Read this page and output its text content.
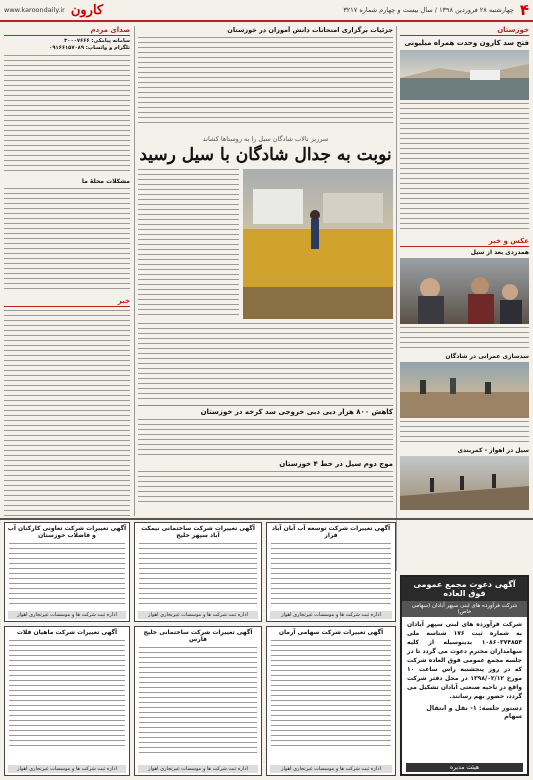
۴
چهارشنبه ۲۸ فروردین ۱۳۹۸ / سال بیست و چهارم شماره ۳۲۱۷
کارون
www.karoondaily.ir
خوزستان
فتح سد کارون وحدت همراه میلیونی
عکس و خبر
همدردی بعد از سیل
سدسازی عمرانی در شادگان
سیل در اهواز - کمربندی
جزئیات برگزاری امتحانات دانش آموزان در خوزستان
سرریز تالاب شادگان سیل را به روستاها کشاند
نوبت به جدال شادگان با سیل رسید
کاهش ۸۰۰ هزار دبی دبی خروجی سد کرخه در خوزستان
موج دوم سیل در خط ۴ خوزستان
صدای مردم
سامانه پیامکی: ۳۰۰۰۷۶۶۶
تلگرام و واتساپ: ۰۹۱۶۶۱۵۷۰۸۹
مشکلات محلهٔ ما
خبر
آگهی تغییرات شرکت تعاونی کارکنان آب و فاضلاب خوزستان
اداره ثبت شرکت ها و موسسات غیرتجاری اهواز
آگهی تغییرات شرکت ساختمانی نیمکت آباد سپهر خلیج
اداره ثبت شرکت ها و موسسات غیرتجاری اهواز
آگهی تغییرات شرکت توسعه آب آبان آباد فراز
اداره ثبت شرکت ها و موسسات غیرتجاری اهواز
آگهی تغییرات شرکت ماهیان فلات
اداره ثبت شرکت ها و موسسات غیرتجاری اهواز
آگهی تغییرات شرکت ساختمانی خلیج فارس
اداره ثبت شرکت ها و موسسات غیرتجاری اهواز
آگهی تغییرات شرکت سهامی آرمان
اداره ثبت شرکت ها و موسسات غیرتجاری اهواز
آگهی دعوت مجمع عمومی فوق العاده
شرکت فرآورده های لبنی سپهر آبادان (سهامی خاص)
شرکت فرآورده های لبنی سپهر آبادان به شماره ثبت ۱۷۶ شناسه ملی ۱۰۸۶۰۳۷۴۸۵۴ بدینوسیله از کلیه سهامداران محترم دعوت می گردد تا در جلسه مجمع عمومی فوق العاده شرکت که در روز پنجشنبه راس ساعت ۱۰ مورخ ۱۳۹۸/۰۲/۱۲ در محل دفتر شرکت واقع در ناحیه صنعتی آبادان تشکیل می گردد، حضور بهم رسانند.
دستور جلسه: ۱- نقل و انتقال سهام
هیئت مدیره
